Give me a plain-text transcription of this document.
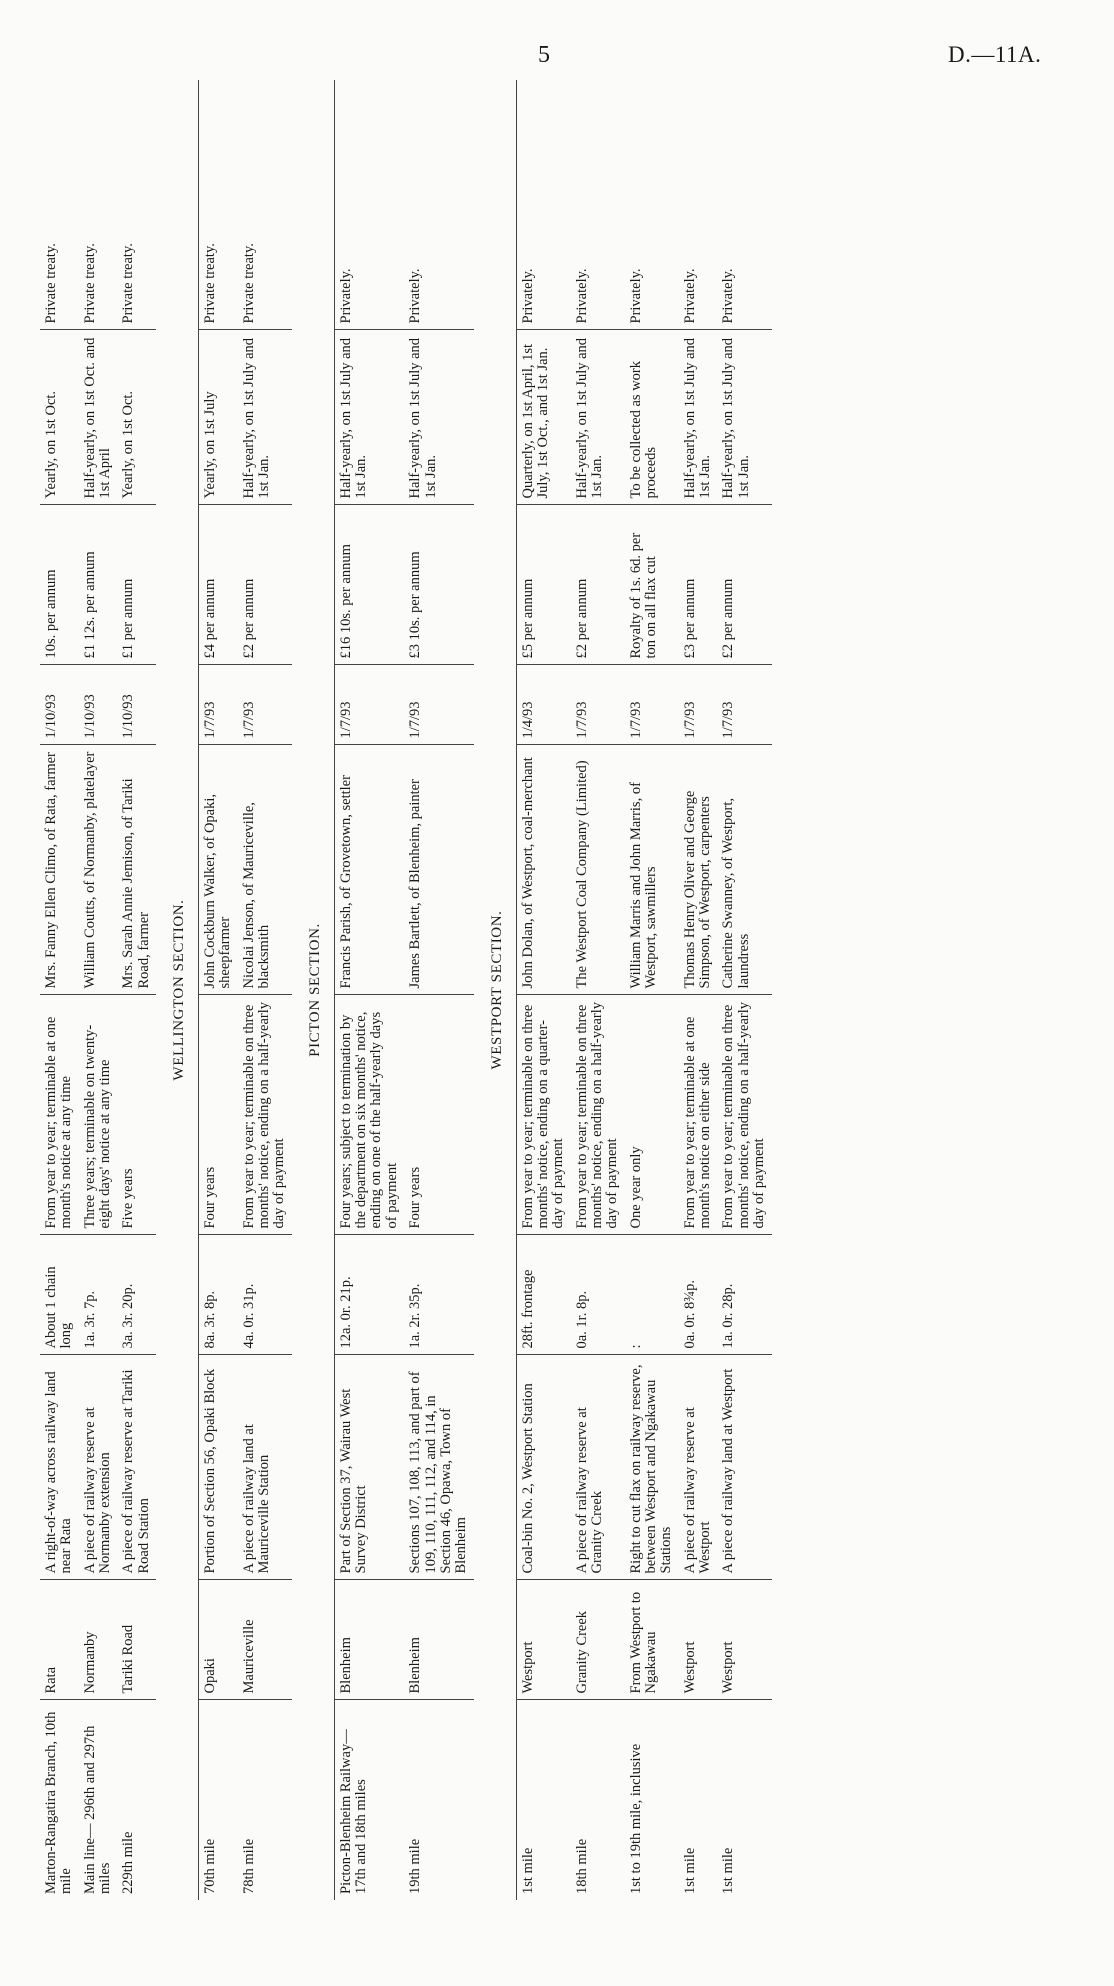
5	D.—11A.
Marton-Rangatira Branch, 10th mile	Rata	A right-of-way across railway land near Rata	About 1 chain long	From year to year; terminable at one month's notice at any time	Mrs. Fanny Ellen Climo, of Rata, farmer	1/10/93	10s. per annum	Yearly, on 1st Oct.	Private treaty.
Main line— 296th and 297th miles	Normanby	A piece of railway reserve at Normanby extension	1a. 3r. 7p.	Three years; terminable on twenty-eight days' notice at any time	William Coutts, of Normanby, platelayer	1/10/93	£1 12s. per annum	Half-yearly, on 1st Oct. and 1st April	Private treaty.
229th mile	Tariki Road	A piece of railway reserve at Tariki Road Station	3a. 3r. 20p.	Five years	Mrs. Sarah Annie Jemison, of Tariki Road, farmer	1/10/93	£1 per annum	Yearly, on 1st Oct.	Private treaty.
WELLINGTON SECTION.									
70th mile	Opaki	Portion of Section 56, Opaki Block	8a. 3r. 8p.	Four years	John Cockburn Walker, of Opaki, sheepfarmer	1/7/93	£4 per annum	Yearly, on 1st July	Private treaty.
78th mile	Mauriceville	A piece of railway land at Mauriceville Station	4a. 0r. 31p.	From year to year; terminable on three months' notice, ending on a half-yearly day of payment	Nicolai Jenson, of Mauriceville, blacksmith	1/7/93	£2 per annum	Half-yearly, on 1st July and 1st Jan.	Private treaty.
PICTON SECTION.									
Picton-Blenheim Railway— 17th and 18th miles	Blenheim	Part of Section 37, Wairau West Survey District	12a. 0r. 21p.	Four years; subject to termination by the department on six months' notice, ending on one of the half-yearly days of payment	Francis Parish, of Grovetown, settler	1/7/93	£16 10s. per annum	Half-yearly, on 1st July and 1st Jan.	Privately.
19th mile	Blenheim	Sections 107, 108, 113, and part of 109, 110, 111, 112, and 114, in Section 46, Opawa, Town of Blenheim	1a. 2r. 35p.	Four years	James Bartlett, of Blenheim, painter	1/7/93	£3 10s. per annum	Half-yearly, on 1st July and 1st Jan.	Privately.
WESTPORT SECTION.									
1st mile	Westport	Coal-bin No. 2, Westport Station	28ft. frontage	From year to year; terminable on three months' notice, ending on a quarter-day of payment	John Dolan, of Westport, coal-merchant	1/4/93	£5 per annum	Quarterly, on 1st April, 1st July, 1st Oct., and 1st Jan.	Privately.
18th mile	Granity Creek	A piece of railway reserve at Granity Creek	0a. 1r. 8p.	From year to year; terminable on three months' notice, ending on a half-yearly day of payment	The Westport Coal Company (Limited)	1/7/93	£2 per annum	Half-yearly, on 1st July and 1st Jan.	Privately.
1st to 19th mile, inclusive	From Westport to Ngakawau	Right to cut flax on railway reserve, between Westport and Ngakawau Stations	:	One year only	William Marris and John Marris, of Westport, sawmillers	1/7/93	Royalty of 1s. 6d. per ton on all flax cut	To be collected as work proceeds	Privately.
1st mile	Westport	A piece of railway reserve at Westport	0a. 0r. 8¾p.	From year to year; terminable at one month's notice on either side	Thomas Henry Oliver and George Simpson, of Westport, carpenters	1/7/93	£3 per annum	Half-yearly, on 1st July and 1st Jan.	Privately.
1st mile	Westport	A piece of railway land at Westport	1a. 0r. 28p.	From year to year; terminable on three months' notice, ending on a half-yearly day of payment	Catherine Swanney, of Westport, laundress	1/7/93	£2 per annum	Half-yearly, on 1st July and 1st Jan.	Privately.
